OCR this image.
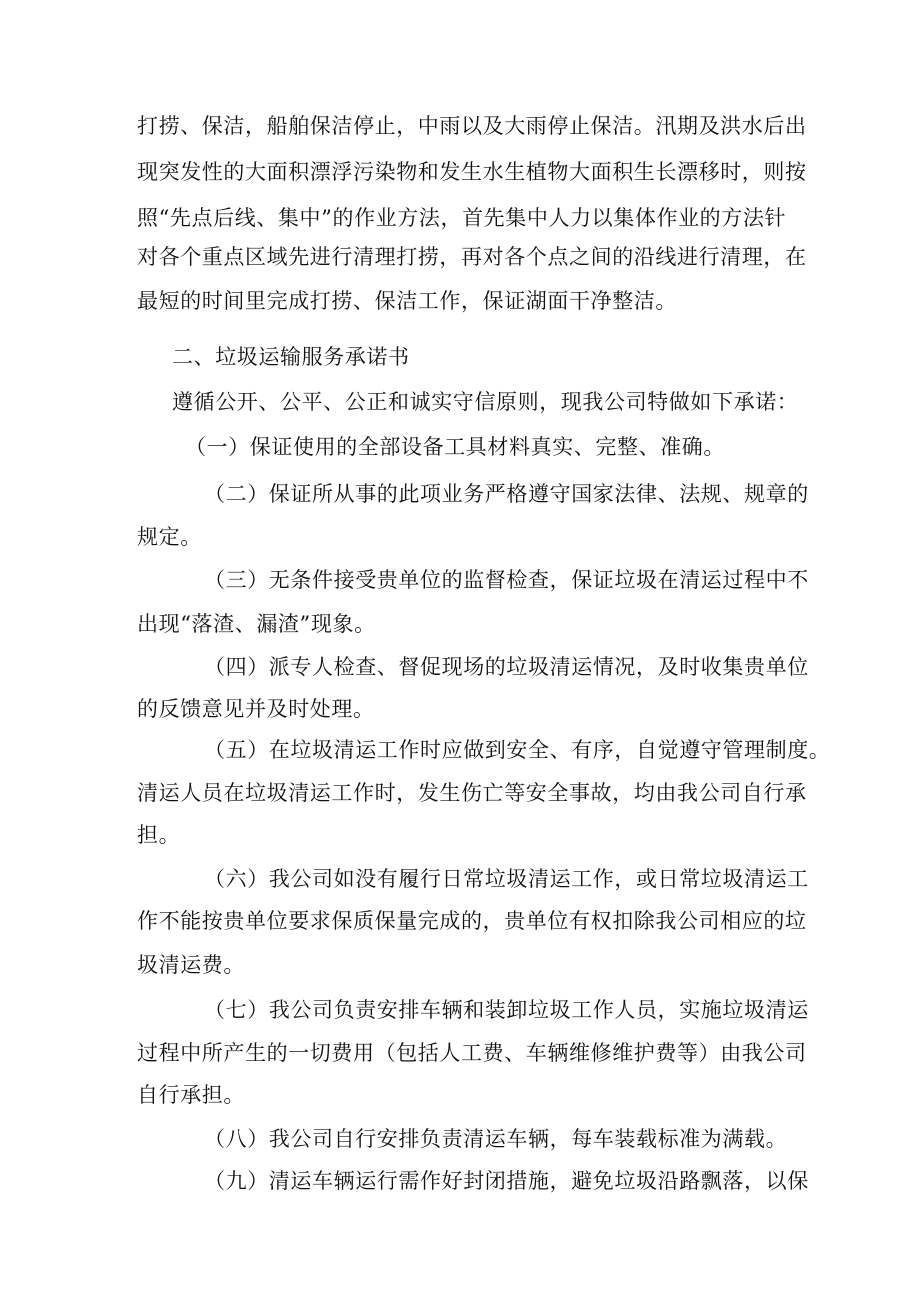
打捞、保洁，船舶保洁停止，中雨以及大雨停止保洁。汛期及洪水后出
现突发性的大面积漂浮污染物和发生水生植物大面积生长漂移时，则按
照“先点后线、集中”的作业方法，首先集中人力以集体作业的方法针
对各个重点区域先进行清理打捞，再对各个点之间的沿线进行清理，在
最短的时间里完成打捞、保洁工作，保证湖面干净整洁。
二、垃圾运输服务承诺书
遵循公开、公平、公正和诚实守信原则，现我公司特做如下承诺：
（一）保证使用的全部设备工具材料真实、完整、准确。
（二）保证所从事的此项业务严格遵守国家法律、法规、规章的
规定。
（三）无条件接受贵单位的监督检查，保证垃圾在清运过程中不
出现“落渣、漏渣”现象。
（四）派专人检查、督促现场的垃圾清运情况，及时收集贵单位
的反馈意见并及时处理。
（五）在垃圾清运工作时应做到安全、有序，自觉遵守管理制度。
清运人员在垃圾清运工作时，发生伤亡等安全事故，均由我公司自行承
担。
（六）我公司如没有履行日常垃圾清运工作，或日常垃圾清运工
作不能按贵单位要求保质保量完成的，贵单位有权扣除我公司相应的垃
圾清运费。
（七）我公司负责安排车辆和装卸垃圾工作人员，实施垃圾清运
过程中所产生的一切费用（包括人工费、车辆维修维护费等）由我公司
自行承担。
（八）我公司自行安排负责清运车辆，每车装载标准为满载。
（九）清运车辆运行需作好封闭措施，避免垃圾沿路飘落，以保
